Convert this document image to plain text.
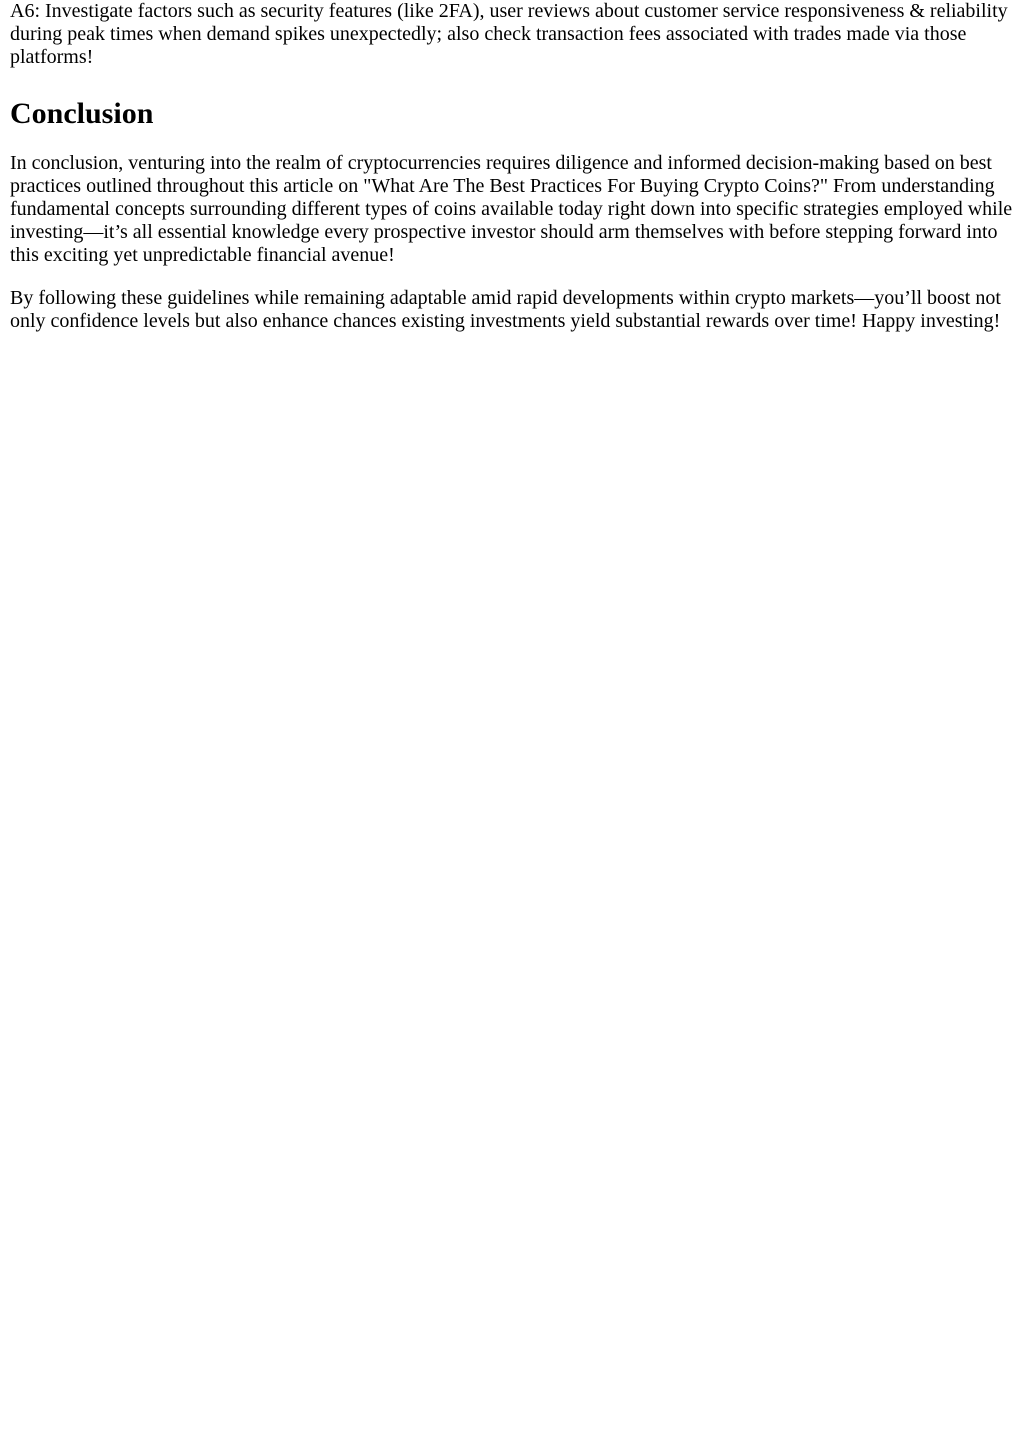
A6: Investigate factors such as security features (like 2FA), user reviews about customer service responsiveness & reliability during peak times when demand spikes unexpectedly; also check transaction fees associated with trades made via those platforms!

Conclusion

In conclusion, venturing into the realm of cryptocurrencies requires diligence and informed decision-making based on best practices outlined throughout this article on "What Are The Best Practices For Buying Crypto Coins?" From understanding fundamental concepts surrounding different types of coins available today right down into specific strategies employed while investing—it’s all essential knowledge every prospective investor should arm themselves with before stepping forward into this exciting yet unpredictable financial avenue!

By following these guidelines while remaining adaptable amid rapid developments within crypto markets—you’ll boost not only confidence levels but also enhance chances existing investments yield substantial rewards over time! Happy investing!
